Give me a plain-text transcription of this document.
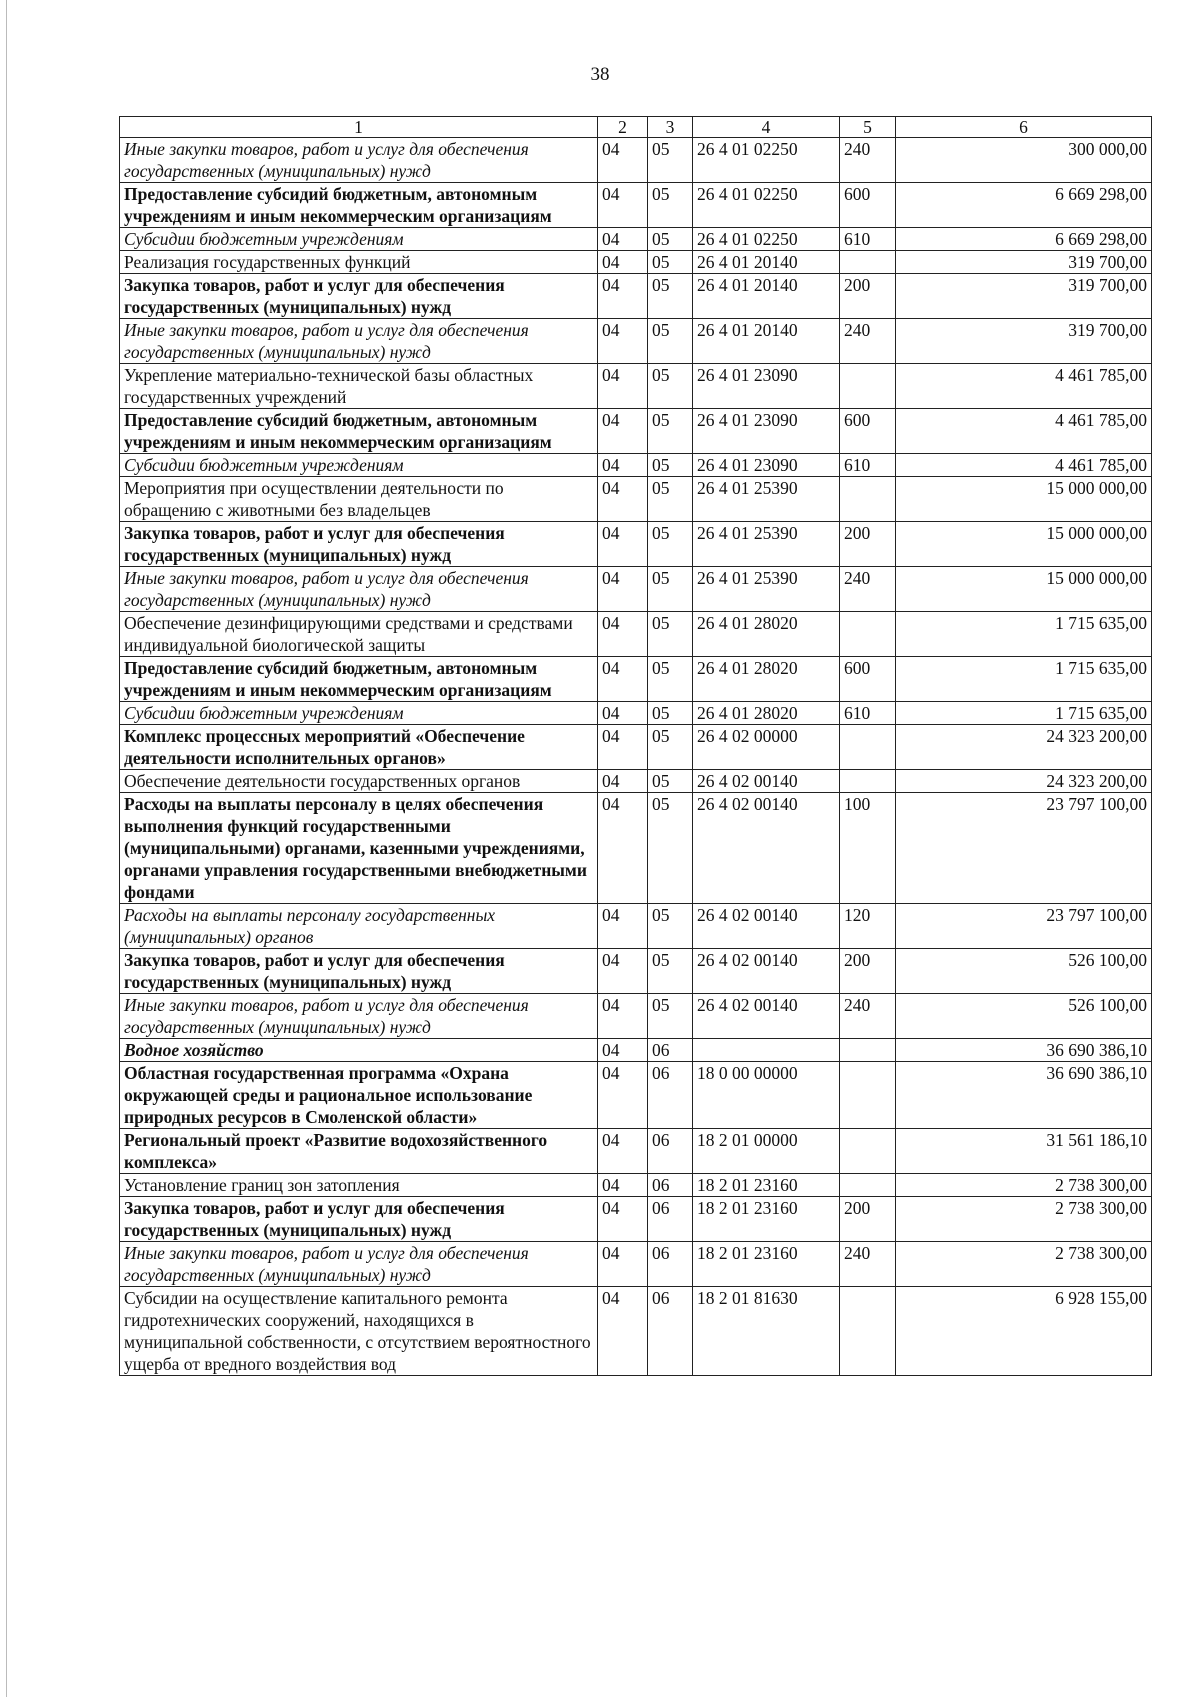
38
1	2	3	4	5	6
Иные закупки товаров, работ и услуг для обеспечения государственных (муниципальных) нужд	04	05	26 4 01 02250	240	300 000,00
Предоставление субсидий бюджетным, автономным учреждениям и иным некоммерческим организациям	04	05	26 4 01 02250	600	6 669 298,00
Субсидии бюджетным учреждениям	04	05	26 4 01 02250	610	6 669 298,00
Реализация государственных функций	04	05	26 4 01 20140		319 700,00
Закупка товаров, работ и услуг для обеспечения государственных (муниципальных) нужд	04	05	26 4 01 20140	200	319 700,00
Иные закупки товаров, работ и услуг для обеспечения государственных (муниципальных) нужд	04	05	26 4 01 20140	240	319 700,00
Укрепление материально-технической базы областных государственных учреждений	04	05	26 4 01 23090		4 461 785,00
Предоставление субсидий бюджетным, автономным учреждениям и иным некоммерческим организациям	04	05	26 4 01 23090	600	4 461 785,00
Субсидии бюджетным учреждениям	04	05	26 4 01 23090	610	4 461 785,00
Мероприятия при осуществлении деятельности по обращению с животными без владельцев	04	05	26 4 01 25390		15 000 000,00
Закупка товаров, работ и услуг для обеспечения государственных (муниципальных) нужд	04	05	26 4 01 25390	200	15 000 000,00
Иные закупки товаров, работ и услуг для обеспечения государственных (муниципальных) нужд	04	05	26 4 01 25390	240	15 000 000,00
Обеспечение дезинфицирующими средствами и средствами индивидуальной биологической защиты	04	05	26 4 01 28020		1 715 635,00
Предоставление субсидий бюджетным, автономным учреждениям и иным некоммерческим организациям	04	05	26 4 01 28020	600	1 715 635,00
Субсидии бюджетным учреждениям	04	05	26 4 01 28020	610	1 715 635,00
Комплекс процессных мероприятий «Обеспечение деятельности исполнительных органов»	04	05	26 4 02 00000		24 323 200,00
Обеспечение деятельности государственных органов	04	05	26 4 02 00140		24 323 200,00
Расходы на выплаты персоналу в целях обеспечения выполнения функций государственными (муниципальными) органами, казенными учреждениями, органами управления государственными внебюджетными фондами	04	05	26 4 02 00140	100	23 797 100,00
Расходы на выплаты персоналу государственных (муниципальных) органов	04	05	26 4 02 00140	120	23 797 100,00
Закупка товаров, работ и услуг для обеспечения государственных (муниципальных) нужд	04	05	26 4 02 00140	200	526 100,00
Иные закупки товаров, работ и услуг для обеспечения государственных (муниципальных) нужд	04	05	26 4 02 00140	240	526 100,00
Водное хозяйство	04	06			36 690 386,10
Областная государственная программа «Охрана окружающей среды и рациональное использование природных ресурсов в Смоленской области»	04	06	18 0 00 00000		36 690 386,10
Региональный проект «Развитие водохозяйственного комплекса»	04	06	18 2 01 00000		31 561 186,10
Установление границ зон затопления	04	06	18 2 01 23160		2 738 300,00
Закупка товаров, работ и услуг для обеспечения государственных (муниципальных) нужд	04	06	18 2 01 23160	200	2 738 300,00
Иные закупки товаров, работ и услуг для обеспечения государственных (муниципальных) нужд	04	06	18 2 01 23160	240	2 738 300,00
Субсидии на осуществление капитального ремонта гидротехнических сооружений, находящихся в муниципальной собственности, с отсутствием вероятностного ущерба от вредного воздействия вод	04	06	18 2 01 81630		6 928 155,00
